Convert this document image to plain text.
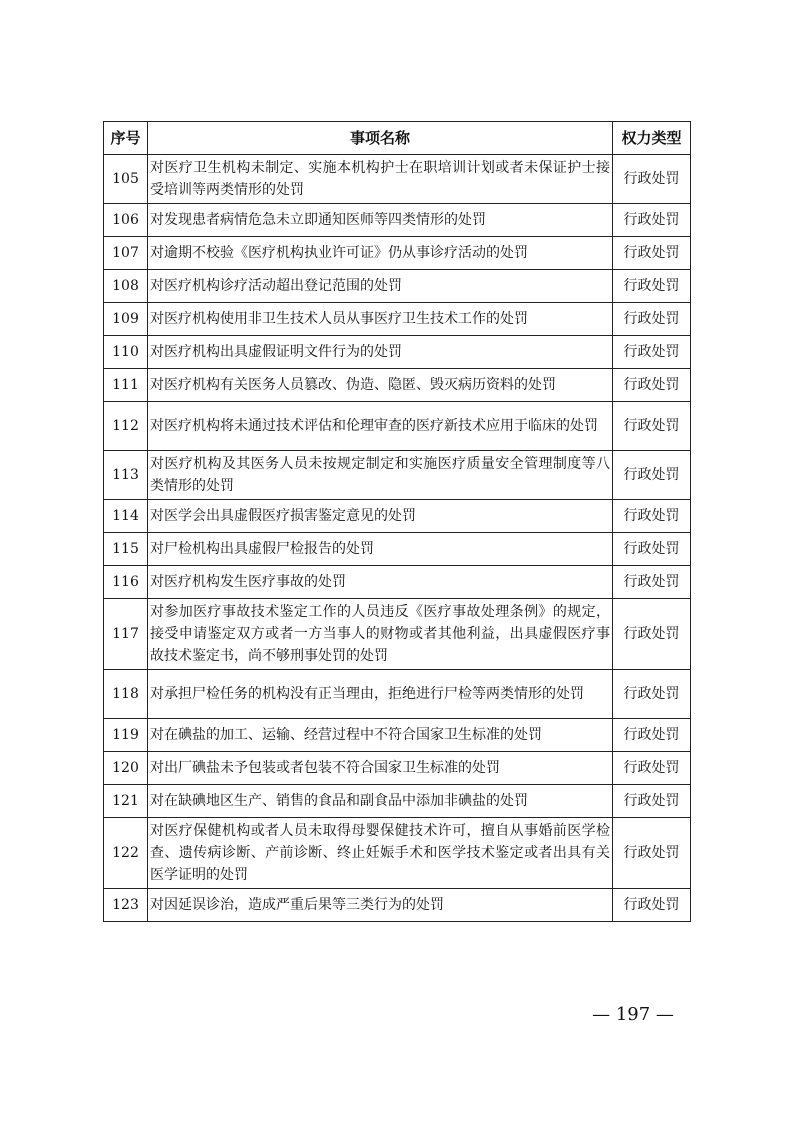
序号	事项名称	权力类型
105	对医疗卫生机构未制定、实施本机构护士在职培训计划或者未保证护士接受培训等两类情形的处罚	行政处罚
106	对发现患者病情危急未立即通知医师等四类情形的处罚	行政处罚
107	对逾期不校验《医疗机构执业许可证》仍从事诊疗活动的处罚	行政处罚
108	对医疗机构诊疗活动超出登记范围的处罚	行政处罚
109	对医疗机构使用非卫生技术人员从事医疗卫生技术工作的处罚	行政处罚
110	对医疗机构出具虚假证明文件行为的处罚	行政处罚
111	对医疗机构有关医务人员篡改、伪造、隐匿、毁灭病历资料的处罚	行政处罚
112	对医疗机构将未通过技术评估和伦理审查的医疗新技术应用于临床的处罚	行政处罚
113	对医疗机构及其医务人员未按规定制定和实施医疗质量安全管理制度等八类情形的处罚	行政处罚
114	对医学会出具虚假医疗损害鉴定意见的处罚	行政处罚
115	对尸检机构出具虚假尸检报告的处罚	行政处罚
116	对医疗机构发生医疗事故的处罚	行政处罚
117	对参加医疗事故技术鉴定工作的人员违反《医疗事故处理条例》的规定，接受申请鉴定双方或者一方当事人的财物或者其他利益，出具虚假医疗事故技术鉴定书，尚不够刑事处罚的处罚	行政处罚
118	对承担尸检任务的机构没有正当理由，拒绝进行尸检等两类情形的处罚	行政处罚
119	对在碘盐的加工、运输、经营过程中不符合国家卫生标准的处罚	行政处罚
120	对出厂碘盐未予包装或者包装不符合国家卫生标准的处罚	行政处罚
121	对在缺碘地区生产、销售的食品和副食品中添加非碘盐的处罚	行政处罚
122	对医疗保健机构或者人员未取得母婴保健技术许可，擅自从事婚前医学检查、遗传病诊断、产前诊断、终止妊娠手术和医学技术鉴定或者出具有关医学证明的处罚	行政处罚
123	对因延误诊治，造成严重后果等三类行为的处罚	行政处罚
— 197 —
